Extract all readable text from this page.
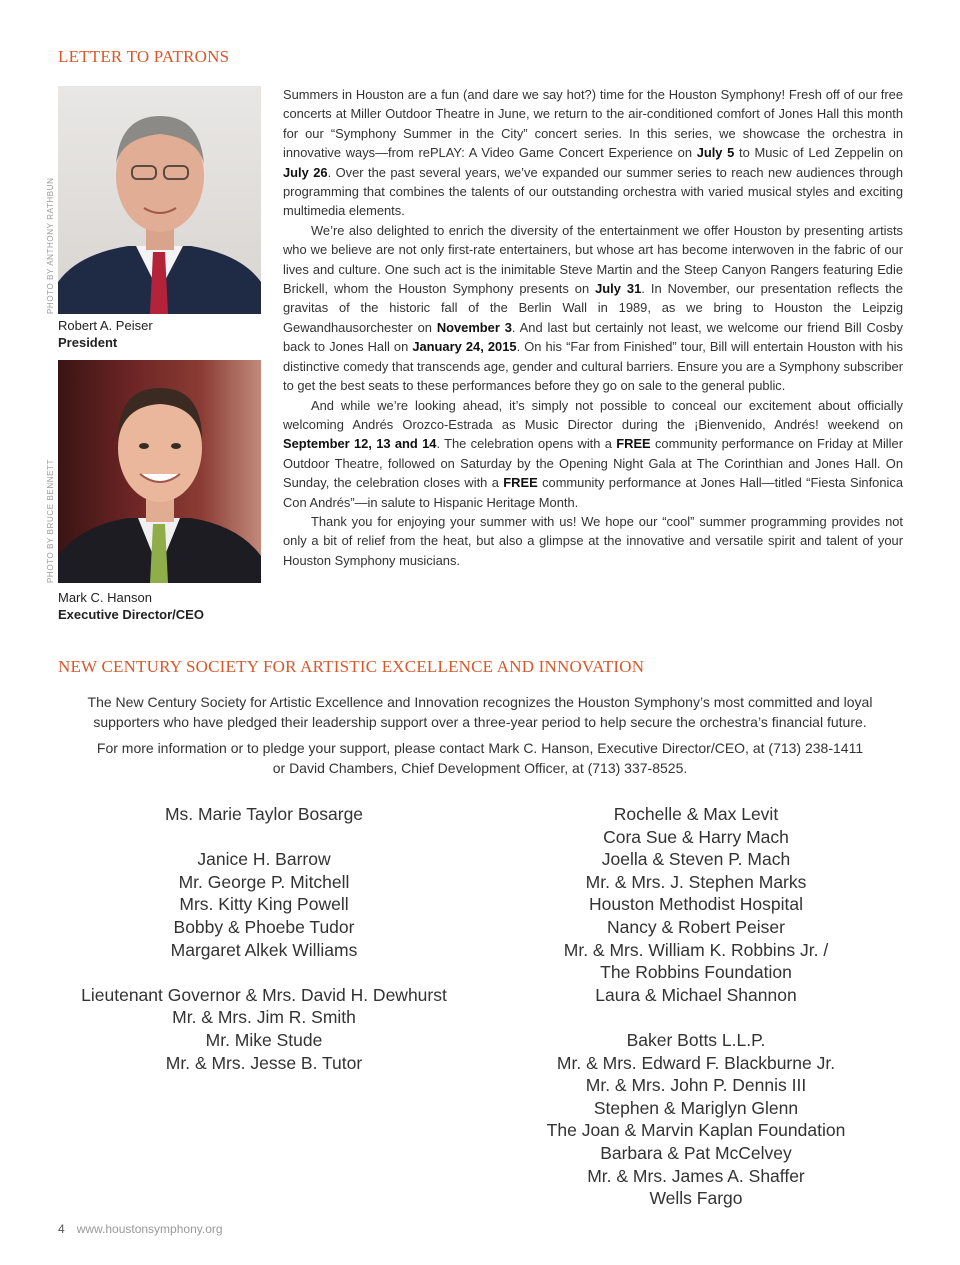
LETTER TO PATRONS
PHOTO BY ANTHONY RATHBUN
Robert A. Peiser
President
PHOTO BY BRUCE BENNETT
Mark C. Hanson
Executive Director/CEO

Summers in Houston are a fun (and dare we say hot?) time for the Houston Symphony! Fresh off of our free concerts at Miller Outdoor Theatre in June, we return to the air-conditioned comfort of Jones Hall this month for our “Symphony Summer in the City” concert series. In this series, we showcase the orchestra in innovative ways—from rePLAY: A Video Game Concert Experience on July 5 to Music of Led Zeppelin on July 26. Over the past several years, we’ve expanded our summer series to reach new audiences through programming that combines the talents of our outstanding orchestra with varied musical styles and exciting multimedia elements.

We’re also delighted to enrich the diversity of the entertainment we offer Houston by presenting artists who we believe are not only first-rate entertainers, but whose art has become interwoven in the fabric of our lives and culture. One such act is the inimitable Steve Martin and the Steep Canyon Rangers featuring Edie Brickell, whom the Houston Symphony presents on July 31. In November, our presentation reflects the gravitas of the historic fall of the Berlin Wall in 1989, as we bring to Houston the Leipzig Gewandhausorchester on November 3. And last but certainly not least, we welcome our friend Bill Cosby back to Jones Hall on January 24, 2015. On his “Far from Finished” tour, Bill will entertain Houston with his distinctive comedy that transcends age, gender and cultural barriers. Ensure you are a Symphony subscriber to get the best seats to these performances before they go on sale to the general public.

And while we’re looking ahead, it’s simply not possible to conceal our excitement about officially welcoming Andrés Orozco-Estrada as Music Director during the ¡Bienvenido, Andrés! weekend on September 12, 13 and 14. The celebration opens with a FREE community performance on Friday at Miller Outdoor Theatre, followed on Saturday by the Opening Night Gala at The Corinthian and Jones Hall. On Sunday, the celebration closes with a FREE community performance at Jones Hall—titled “Fiesta Sinfonica Con Andrés”—in salute to Hispanic Heritage Month.

Thank you for enjoying your summer with us! We hope our “cool” summer programming provides not only a bit of relief from the heat, but also a glimpse at the innovative and versatile spirit and talent of your Houston Symphony musicians.

NEW CENTURY SOCIETY FOR ARTISTIC EXCELLENCE AND INNOVATION

The New Century Society for Artistic Excellence and Innovation recognizes the Houston Symphony’s most committed and loyal supporters who have pledged their leadership support over a three-year period to help secure the orchestra’s financial future.

For more information or to pledge your support, please contact Mark C. Hanson, Executive Director/CEO, at (713) 238-1411
or David Chambers, Chief Development Officer, at (713) 337-8525.

Ms. Marie Taylor Bosarge
Janice H. Barrow
Mr. George P. Mitchell
Mrs. Kitty King Powell
Bobby & Phoebe Tudor
Margaret Alkek Williams
Lieutenant Governor & Mrs. David H. Dewhurst
Mr. & Mrs. Jim R. Smith
Mr. Mike Stude
Mr. & Mrs. Jesse B. Tutor
Rochelle & Max Levit
Cora Sue & Harry Mach
Joella & Steven P. Mach
Mr. & Mrs. J. Stephen Marks
Houston Methodist Hospital
Nancy & Robert Peiser
Mr. & Mrs. William K. Robbins Jr. /
The Robbins Foundation
Laura & Michael Shannon
Baker Botts L.L.P.
Mr. & Mrs. Edward F. Blackburne Jr.
Mr. & Mrs. John P. Dennis III
Stephen & Mariglyn Glenn
The Joan & Marvin Kaplan Foundation
Barbara & Pat McCelvey
Mr. & Mrs. James A. Shaffer
Wells Fargo
4 www.houstonsymphony.org
